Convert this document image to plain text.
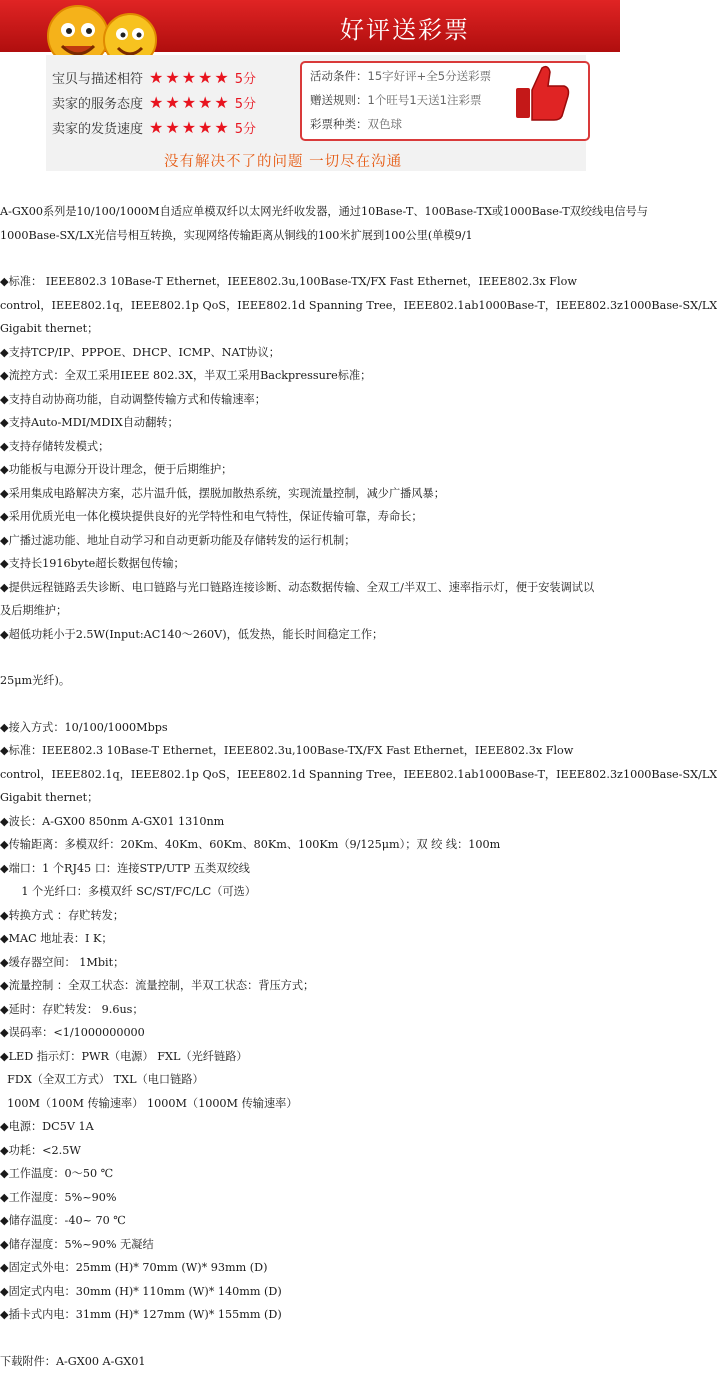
好评送彩票
宝贝与描述相符 ★★★★★ 5分
卖家的服务态度 ★★★★★ 5分
卖家的发货速度 ★★★★★ 5分
活动条件：15字好评+全5分送彩票
赠送规则：1个旺号1天送1注彩票
彩票种类：双色球
没有解决不了的问题 一切尽在沟通

A-GX00系列是10/100/1000M自适应单模双纤以太网光纤收发器，通过10Base-T、100Base-TX或1000Base-T双绞线电信号与

1000Base-SX/LX光信号相互转换，实现网络传输距离从铜线的100米扩展到100公里(单模9/1

◆标准： IEEE802.3 10Base-T Ethernet，IEEE802.3u,100Base-TX/FX Fast Ethernet，IEEE802.3x Flow

control，IEEE802.1q，IEEE802.1p QoS，IEEE802.1d Spanning Tree，IEEE802.1ab1000Base-T，IEEE802.3z1000Base-SX/LX

Gigabit thernet；

◆支持TCP/IP、PPPOE、DHCP、ICMP、NAT协议；

◆流控方式：全双工采用IEEE 802.3X，半双工采用Backpressure标准；

◆支持自动协商功能，自动调整传输方式和传输速率；

◆支持Auto-MDI/MDIX自动翻转；

◆支持存储转发模式；

◆功能板与电源分开设计理念，便于后期维护；

◆采用集成电路解决方案，芯片温升低，摆脱加散热系统，实现流量控制，减少广播风暴；

◆采用优质光电一体化模块提供良好的光学特性和电气特性，保证传输可靠，寿命长；

◆广播过滤功能、地址自动学习和自动更新功能及存储转发的运行机制；

◆支持长1916byte超长数据包传输；

◆提供远程链路丢失诊断、电口链路与光口链路连接诊断、动态数据传输、全双工/半双工、速率指示灯，便于安装调试以

及后期维护；

◆超低功耗小于2.5W(Input:AC140～260V)，低发热，能长时间稳定工作；

25μm光纤)。

◆接入方式：10/100/1000Mbps

◆标准：IEEE802.3 10Base-T Ethernet，IEEE802.3u,100Base-TX/FX Fast Ethernet，IEEE802.3x Flow

control，IEEE802.1q，IEEE802.1p QoS，IEEE802.1d Spanning Tree，IEEE802.1ab1000Base-T，IEEE802.3z1000Base-SX/LX

Gigabit thernet；

◆波长：A-GX00 850nm A-GX01 1310nm

◆传输距离：多模双纤：20Km、40Km、60Km、80Km、100Km（9/125μm）；双 绞 线：100m

◆端口：1 个RJ45 口：连接STP/UTP 五类双绞线

1 个光纤口：多模双纤 SC/ST/FC/LC（可选）

◆转换方式 ：存贮转发；

◆MAC 地址表：I K；

◆缓存器空间： 1Mbit；

◆流量控制 ：全双工状态：流量控制，半双工状态：背压方式；

◆延时：存贮转发： 9.6us；

◆误码率：<1/1000000000

◆LED 指示灯：PWR（电源） FXL（光纤链路）

FDX（全双工方式） TXL（电口链路）

100M（100M 传输速率） 1000M（1000M 传输速率）

◆电源：DC5V 1A

◆功耗：<2.5W

◆工作温度：0～50 ℃

◆工作湿度：5%~90%

◆储存温度：-40~ 70 ℃

◆储存湿度：5%~90% 无凝结

◆固定式外电：25mm (H)* 70mm (W)* 93mm (D)

◆固定式内电：30mm (H)* 110mm (W)* 140mm (D)

◆插卡式内电：31mm (H)* 127mm (W)* 155mm (D)

下载附件：A-GX00 A-GX01
